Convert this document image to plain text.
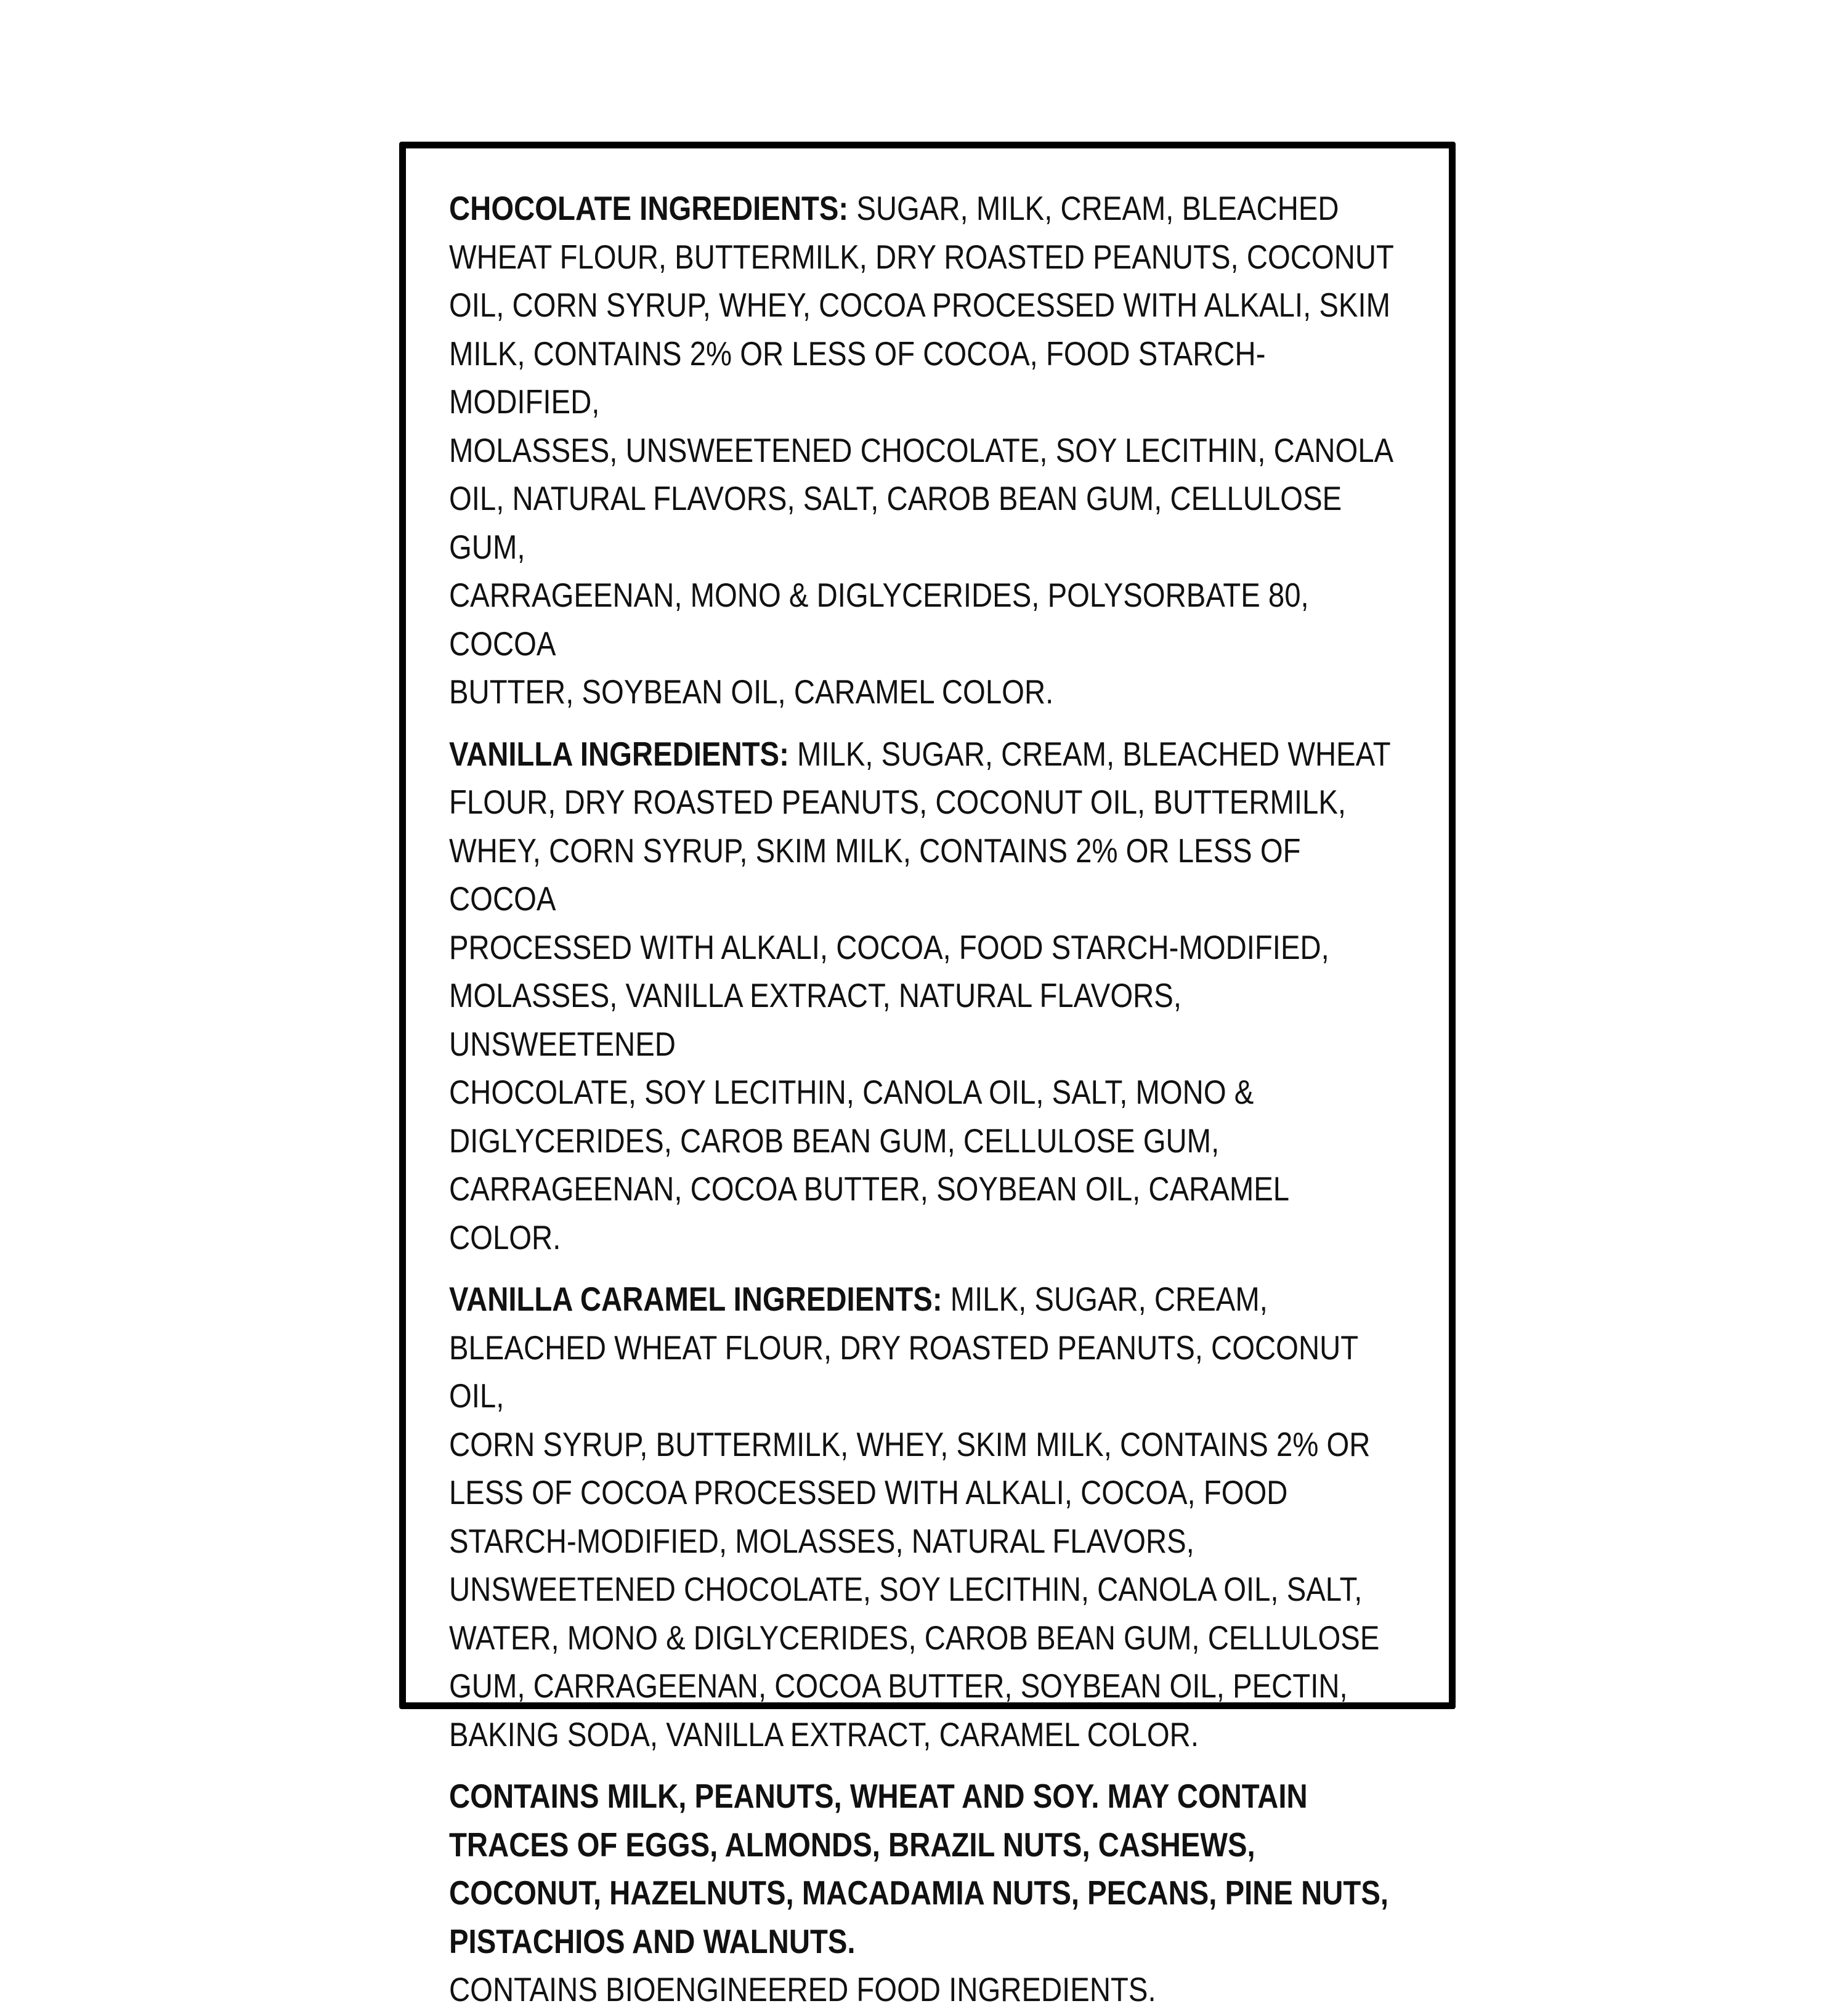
CHOCOLATE INGREDIENTS: SUGAR, MILK, CREAM, BLEACHED
WHEAT FLOUR, BUTTERMILK, DRY ROASTED PEANUTS, COCONUT
OIL, CORN SYRUP, WHEY, COCOA PROCESSED WITH ALKALI, SKIM
MILK, CONTAINS 2% OR LESS OF COCOA, FOOD STARCH-MODIFIED,
MOLASSES, UNSWEETENED CHOCOLATE, SOY LECITHIN, CANOLA
OIL, NATURAL FLAVORS, SALT, CAROB BEAN GUM, CELLULOSE GUM,
CARRAGEENAN, MONO & DIGLYCERIDES, POLYSORBATE 80, COCOA
BUTTER, SOYBEAN OIL, CARAMEL COLOR.
VANILLA INGREDIENTS: MILK, SUGAR, CREAM, BLEACHED WHEAT
FLOUR, DRY ROASTED PEANUTS, COCONUT OIL, BUTTERMILK,
WHEY, CORN SYRUP, SKIM MILK, CONTAINS 2% OR LESS OF COCOA
PROCESSED WITH ALKALI, COCOA, FOOD STARCH-MODIFIED,
MOLASSES, VANILLA EXTRACT, NATURAL FLAVORS, UNSWEETENED
CHOCOLATE, SOY LECITHIN, CANOLA OIL, SALT, MONO &
DIGLYCERIDES, CAROB BEAN GUM, CELLULOSE GUM,
CARRAGEENAN, COCOA BUTTER, SOYBEAN OIL, CARAMEL COLOR.
VANILLA CARAMEL INGREDIENTS: MILK, SUGAR, CREAM,
BLEACHED WHEAT FLOUR, DRY ROASTED PEANUTS, COCONUT OIL,
CORN SYRUP, BUTTERMILK, WHEY, SKIM MILK, CONTAINS 2% OR
LESS OF COCOA PROCESSED WITH ALKALI, COCOA, FOOD
STARCH-MODIFIED, MOLASSES, NATURAL FLAVORS,
UNSWEETENED CHOCOLATE, SOY LECITHIN, CANOLA OIL, SALT,
WATER, MONO & DIGLYCERIDES, CAROB BEAN GUM, CELLULOSE
GUM, CARRAGEENAN, COCOA BUTTER, SOYBEAN OIL, PECTIN,
BAKING SODA, VANILLA EXTRACT, CARAMEL COLOR.
CONTAINS MILK, PEANUTS, WHEAT AND SOY. MAY CONTAIN
TRACES OF EGGS, ALMONDS, BRAZIL NUTS, CASHEWS,
COCONUT, HAZELNUTS, MACADAMIA NUTS, PECANS, PINE NUTS,
PISTACHIOS AND WALNUTS.
CONTAINS BIOENGINEERED FOOD INGREDIENTS.
